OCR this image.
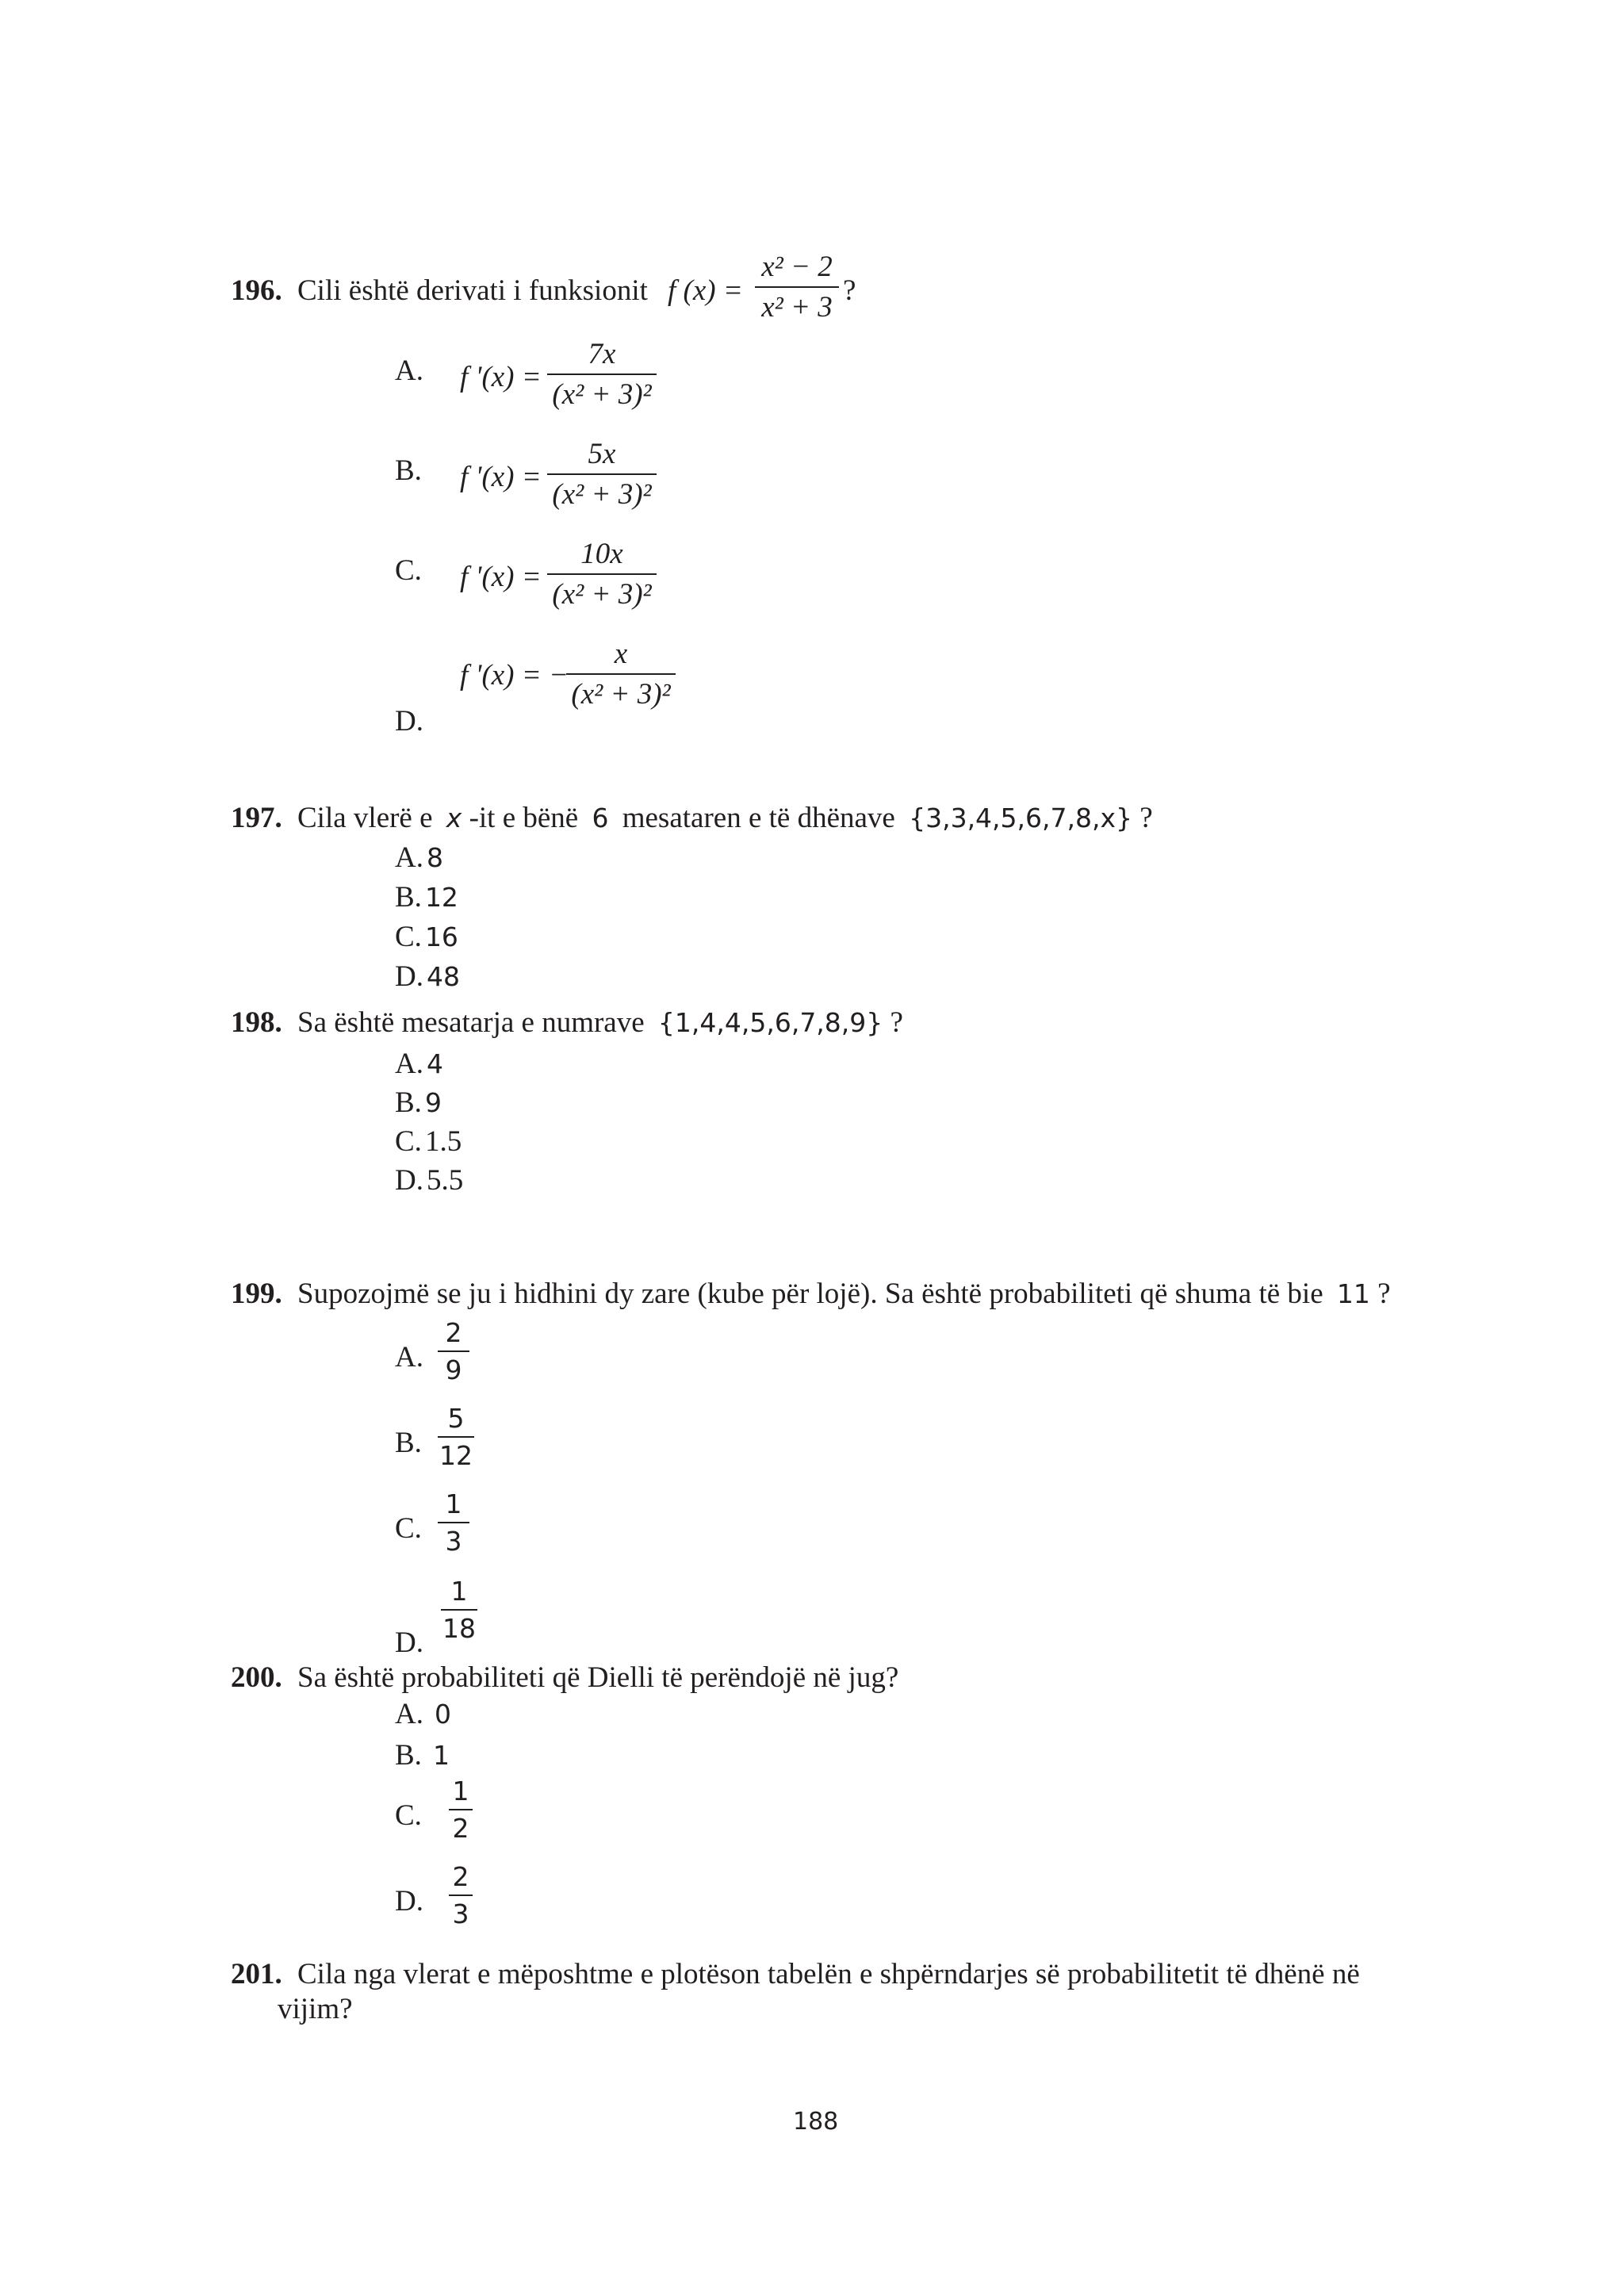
196. Cili është derivati i funksionit f (x) =
x² − 2
x² + 3
?
A. f '(x) =
7x
(x² + 3)²
B. f '(x) =
5x
(x² + 3)²
C. f '(x) =
10x
(x² + 3)²
f '(x) = −
x
(x² + 3)²
D.
197. Cila vlerë e x -it e bënë 6 mesataren e të dhënave {3,3,4,5,6,7,8,x} ?
A. 8
B. 12
C. 16
D. 48
198. Sa është mesatarja e numrave {1,4,4,5,6,7,8,9} ?
A. 4
B. 9
C. 1.5
D. 5.5
199. Supozojmë se ju i hidhini dy zare (kube për lojë). Sa është probabiliteti që shuma të bie 11 ?
A.
2
9
B.
5
12
C.
1
3
1
18
D.
200. Sa është probabiliteti që Dielli të perëndojë në jug?
A. 0
B. 1
C.
1
2
D.
2
3
201. Cila nga vlerat e mëposhtme e plotëson tabelën e shpërndarjes së probabilitetit të dhënë në
vijim?
188
